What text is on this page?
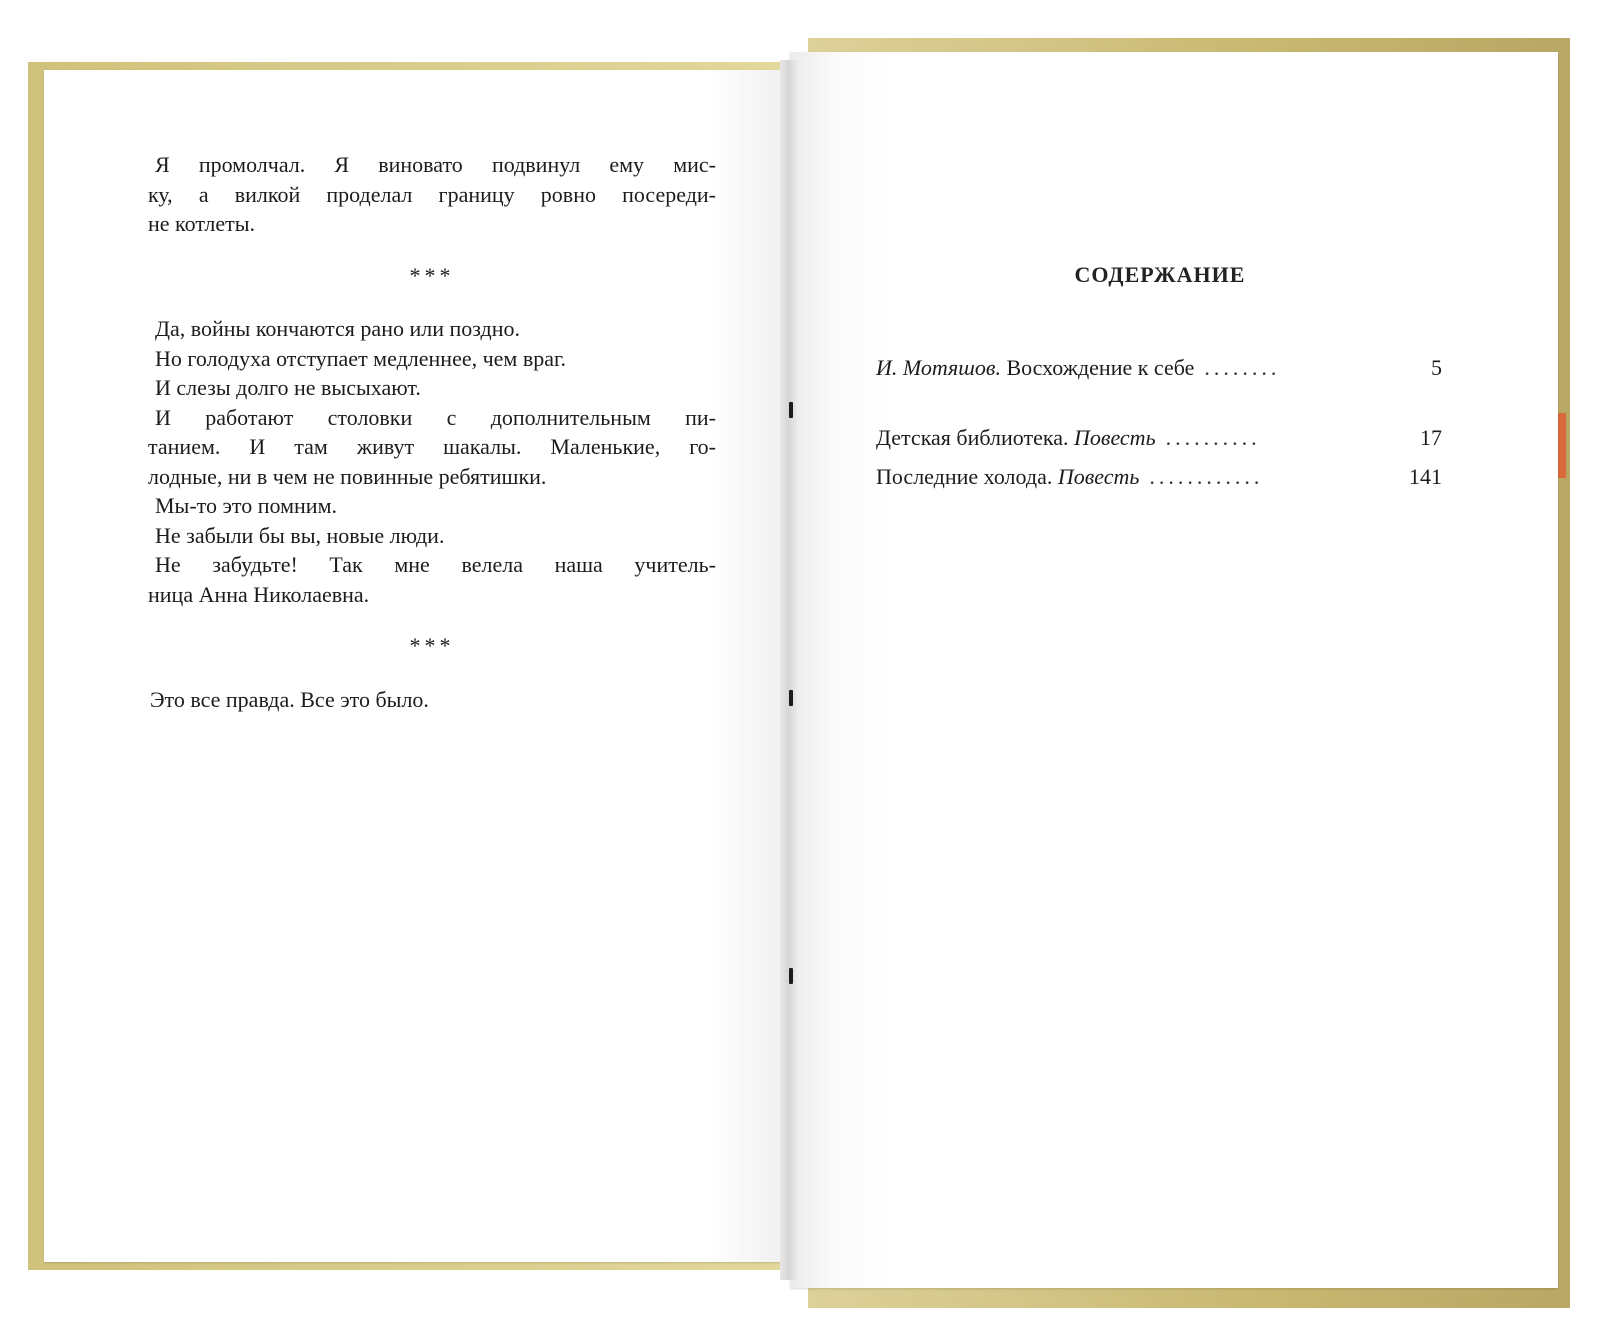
Я промолчал. Я виновато подвинул ему мис-
ку, а вилкой проделал границу ровно посереди-
не котлеты.
***
Да, войны кончаются рано или поздно.
Но голодуха отступает медленнее, чем враг.
И слезы долго не высыхают.
И работают столовки с дополнительным пи-
танием. И там живут шакалы. Маленькие, го-
лодные, ни в чем не повинные ребятишки.
Мы-то это помним.
Не забыли бы вы, новые люди.
Не забудьте! Так мне велела наша учитель-
ница Анна Николаевна.
***
Это все правда. Все это было.
СОДЕРЖАНИЕ
И. Мотяшов. Восхождение к себе ........	5
Детская библиотека. Повесть ..........	17
Последние холода. Повесть ............	141
